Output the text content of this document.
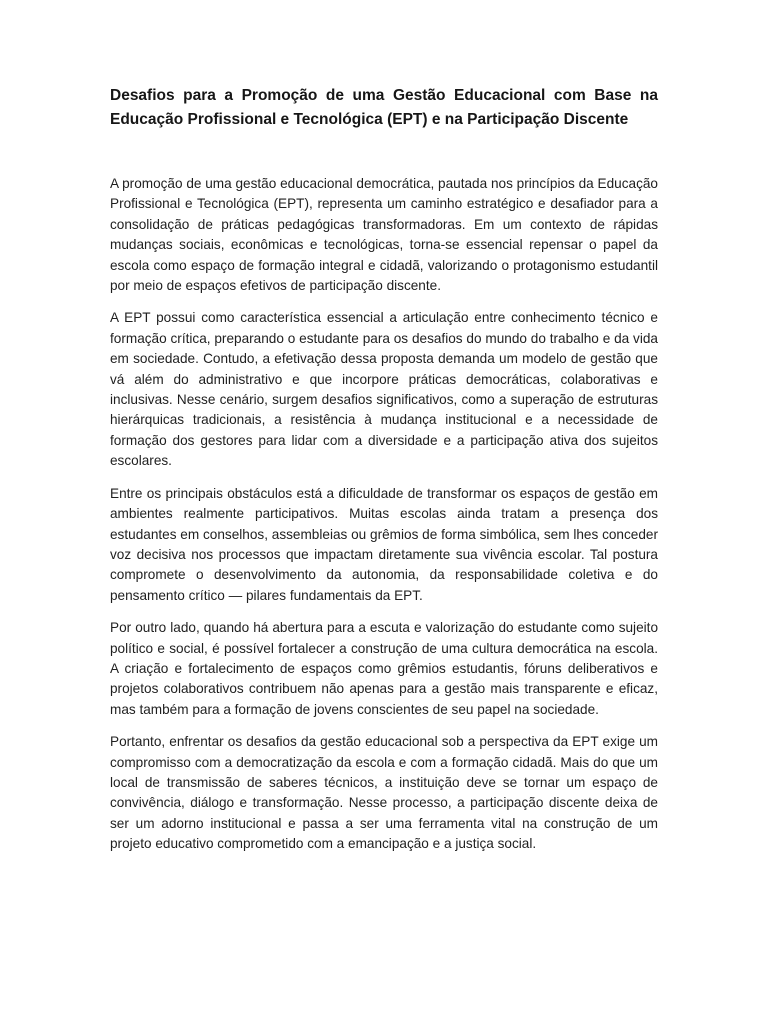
Desafios para a Promoção de uma Gestão Educacional com Base na Educação Profissional e Tecnológica (EPT) e na Participação Discente

A promoção de uma gestão educacional democrática, pautada nos princípios da Educação Profissional e Tecnológica (EPT), representa um caminho estratégico e desafiador para a consolidação de práticas pedagógicas transformadoras. Em um contexto de rápidas mudanças sociais, econômicas e tecnológicas, torna-se essencial repensar o papel da escola como espaço de formação integral e cidadã, valorizando o protagonismo estudantil por meio de espaços efetivos de participação discente.

A EPT possui como característica essencial a articulação entre conhecimento técnico e formação crítica, preparando o estudante para os desafios do mundo do trabalho e da vida em sociedade. Contudo, a efetivação dessa proposta demanda um modelo de gestão que vá além do administrativo e que incorpore práticas democráticas, colaborativas e inclusivas. Nesse cenário, surgem desafios significativos, como a superação de estruturas hierárquicas tradicionais, a resistência à mudança institucional e a necessidade de formação dos gestores para lidar com a diversidade e a participação ativa dos sujeitos escolares.

Entre os principais obstáculos está a dificuldade de transformar os espaços de gestão em ambientes realmente participativos. Muitas escolas ainda tratam a presença dos estudantes em conselhos, assembleias ou grêmios de forma simbólica, sem lhes conceder voz decisiva nos processos que impactam diretamente sua vivência escolar. Tal postura compromete o desenvolvimento da autonomia, da responsabilidade coletiva e do pensamento crítico — pilares fundamentais da EPT.

Por outro lado, quando há abertura para a escuta e valorização do estudante como sujeito político e social, é possível fortalecer a construção de uma cultura democrática na escola. A criação e fortalecimento de espaços como grêmios estudantis, fóruns deliberativos e projetos colaborativos contribuem não apenas para a gestão mais transparente e eficaz, mas também para a formação de jovens conscientes de seu papel na sociedade.

Portanto, enfrentar os desafios da gestão educacional sob a perspectiva da EPT exige um compromisso com a democratização da escola e com a formação cidadã. Mais do que um local de transmissão de saberes técnicos, a instituição deve se tornar um espaço de convivência, diálogo e transformação. Nesse processo, a participação discente deixa de ser um adorno institucional e passa a ser uma ferramenta vital na construção de um projeto educativo comprometido com a emancipação e a justiça social.
